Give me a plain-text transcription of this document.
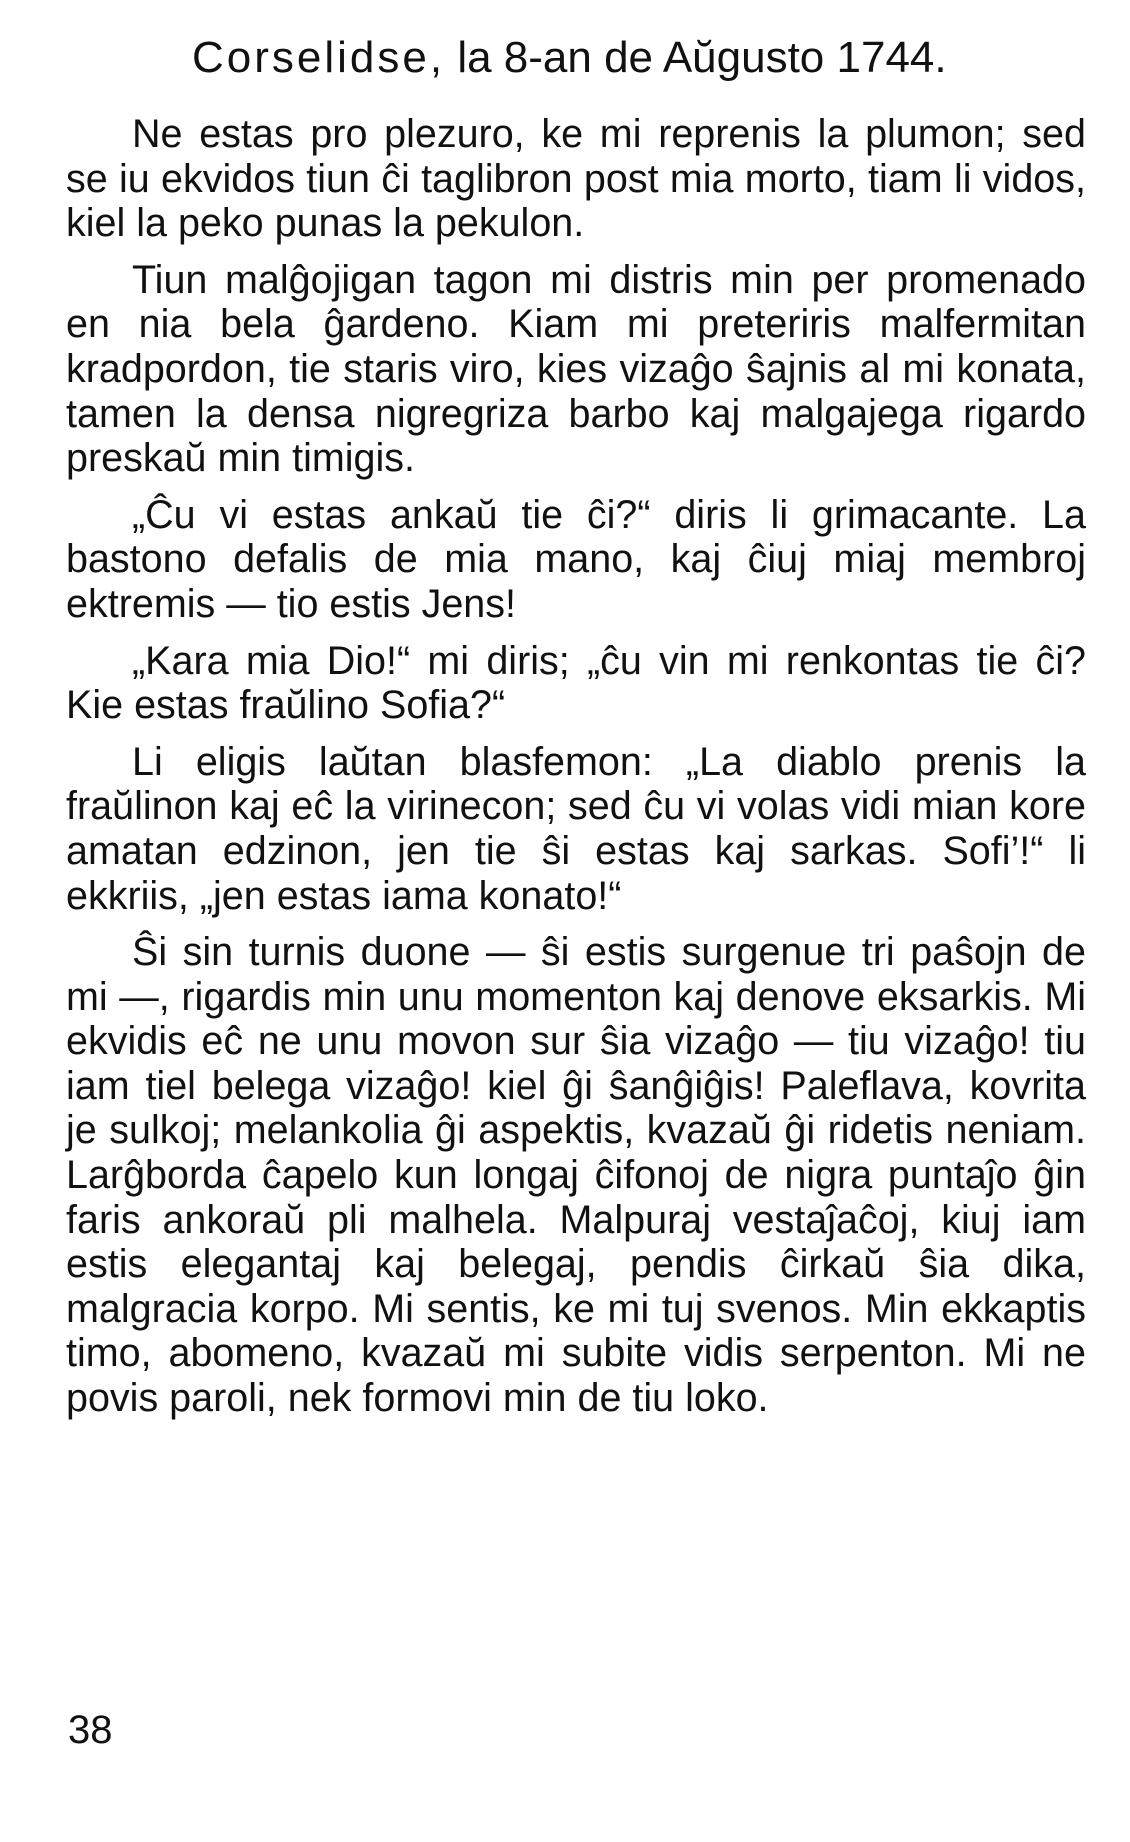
Corselidse, la 8-an de Aŭgusto 1744.

Ne estas pro plezuro, ke mi reprenis la plumon; sed se iu ekvidos tiun ĉi taglibron post mia morto, tiam li vidos, kiel la peko punas la pekulon.

Tiun malĝojigan tagon mi distris min per promenado en nia bela ĝardeno. Kiam mi preteriris malfermitan kradpordon, tie staris viro, kies vizaĝo ŝajnis al mi konata, tamen la densa nigregriza barbo kaj malgajega rigardo preskaŭ min timigis.

„Ĉu vi estas ankaŭ tie ĉi?“ diris li grimacante. La bastono defalis de mia mano, kaj ĉiuj miaj membroj ektremis — tio estis Jens!

„Kara mia Dio!“ mi diris; „ĉu vin mi renkontas tie ĉi? Kie estas fraŭlino Sofia?“

Li eligis laŭtan blasfemon: „La diablo prenis la fraŭlinon kaj eĉ la virinecon; sed ĉu vi volas vidi mian kore amatan edzinon, jen tie ŝi estas kaj sarkas. Sofi’!“ li ekkriis, „jen estas iama konato!“

Ŝi sin turnis duone — ŝi estis surgenue tri paŝojn de mi —, rigardis min unu momenton kaj denove eksarkis. Mi ekvidis eĉ ne unu movon sur ŝia vizaĝo — tiu vizaĝo! tiu iam tiel belega vizaĝo! kiel ĝi ŝanĝiĝis! Paleflava, kovrita je sulkoj; melankolia ĝi aspektis, kvazaŭ ĝi ridetis neniam. Larĝborda ĉapelo kun longaj ĉifonoj de nigra puntaĵo ĝin faris ankoraŭ pli malhela. Malpuraj vestaĵaĉoj, kiuj iam estis elegantaj kaj belegaj, pendis ĉirkaŭ ŝia dika, malgracia korpo. Mi sentis, ke mi tuj svenos. Min ekkaptis timo, abomeno, kvazaŭ mi subite vidis serpenton. Mi ne povis paroli, nek formovi min de tiu loko.

38
